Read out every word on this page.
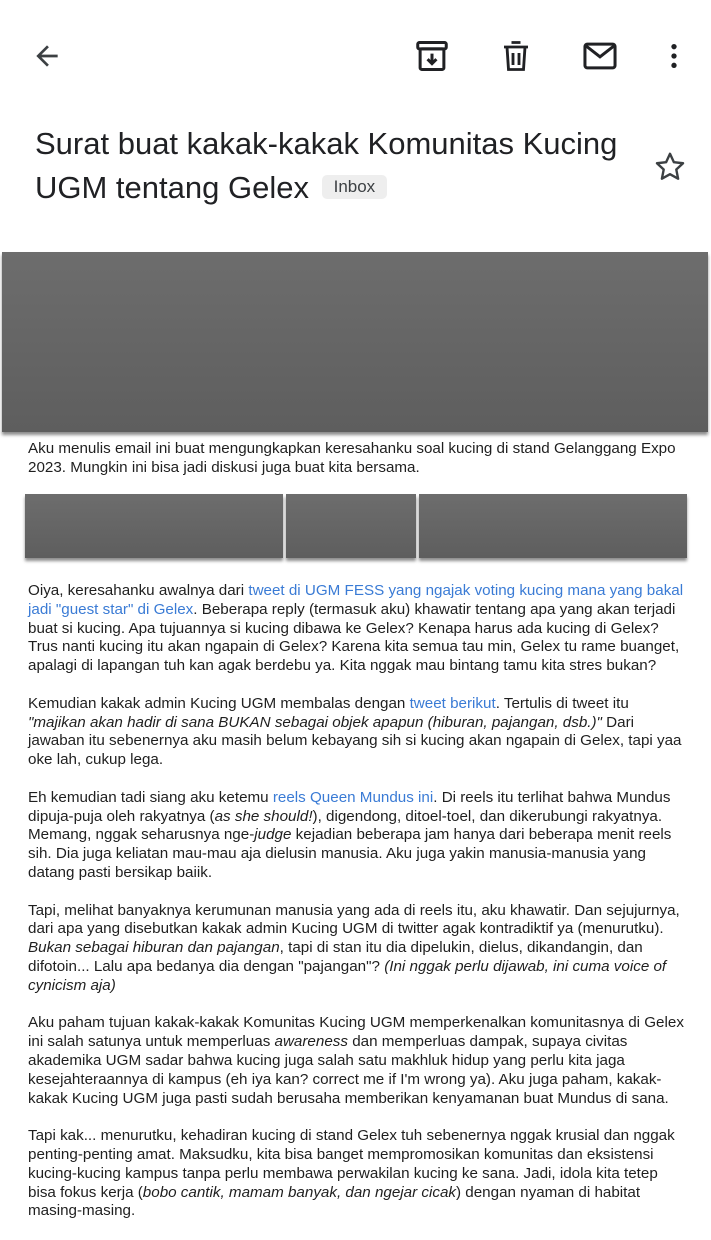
Surat buat kakak-kakak Komunitas Kucing UGM tentang Gelex Inbox

Aku menulis email ini buat mengungkapkan keresahanku soal kucing di stand Gelanggang Expo 2023. Mungkin ini bisa jadi diskusi juga buat kita bersama.

Oiya, keresahanku awalnya dari tweet di UGM FESS yang ngajak voting kucing mana yang bakal jadi "guest star" di Gelex. Beberapa reply (termasuk aku) khawatir tentang apa yang akan terjadi buat si kucing. Apa tujuannya si kucing dibawa ke Gelex? Kenapa harus ada kucing di Gelex? Trus nanti kucing itu akan ngapain di Gelex? Karena kita semua tau min, Gelex tu rame buanget, apalagi di lapangan tuh kan agak berdebu ya. Kita nggak mau bintang tamu kita stres bukan?

Kemudian kakak admin Kucing UGM membalas dengan tweet berikut. Tertulis di tweet itu "majikan akan hadir di sana BUKAN sebagai objek apapun (hiburan, pajangan, dsb.)" Dari jawaban itu sebenernya aku masih belum kebayang sih si kucing akan ngapain di Gelex, tapi yaa oke lah, cukup lega.

Eh kemudian tadi siang aku ketemu reels Queen Mundus ini. Di reels itu terlihat bahwa Mundus dipuja-puja oleh rakyatnya (as she should!), digendong, ditoel-toel, dan dikerubungi rakyatnya. Memang, nggak seharusnya nge-judge kejadian beberapa jam hanya dari beberapa menit reels sih. Dia juga keliatan mau-mau aja dielusin manusia. Aku juga yakin manusia-manusia yang datang pasti bersikap baiik.

Tapi, melihat banyaknya kerumunan manusia yang ada di reels itu, aku khawatir. Dan sejujurnya, dari apa yang disebutkan kakak admin Kucing UGM di twitter agak kontradiktif ya (menurutku). Bukan sebagai hiburan dan pajangan, tapi di stan itu dia dipelukin, dielus, dikandangin, dan difotoin... Lalu apa bedanya dia dengan "pajangan"? (Ini nggak perlu dijawab, ini cuma voice of cynicism aja)

Aku paham tujuan kakak-kakak Komunitas Kucing UGM memperkenalkan komunitasnya di Gelex ini salah satunya untuk memperluas awareness dan memperluas dampak, supaya civitas akademika UGM sadar bahwa kucing juga salah satu makhluk hidup yang perlu kita jaga kesejahteraannya di kampus (eh iya kan? correct me if I'm wrong ya). Aku juga paham, kakak-kakak Kucing UGM juga pasti sudah berusaha memberikan kenyamanan buat Mundus di sana.

Tapi kak... menurutku, kehadiran kucing di stand Gelex tuh sebenernya nggak krusial dan nggak penting-penting amat. Maksudku, kita bisa banget mempromosikan komunitas dan eksistensi kucing-kucing kampus tanpa perlu membawa perwakilan kucing ke sana. Jadi, idola kita tetep bisa fokus kerja (bobo cantik, mamam banyak, dan ngejar cicak) dengan nyaman di habitat masing-masing.
